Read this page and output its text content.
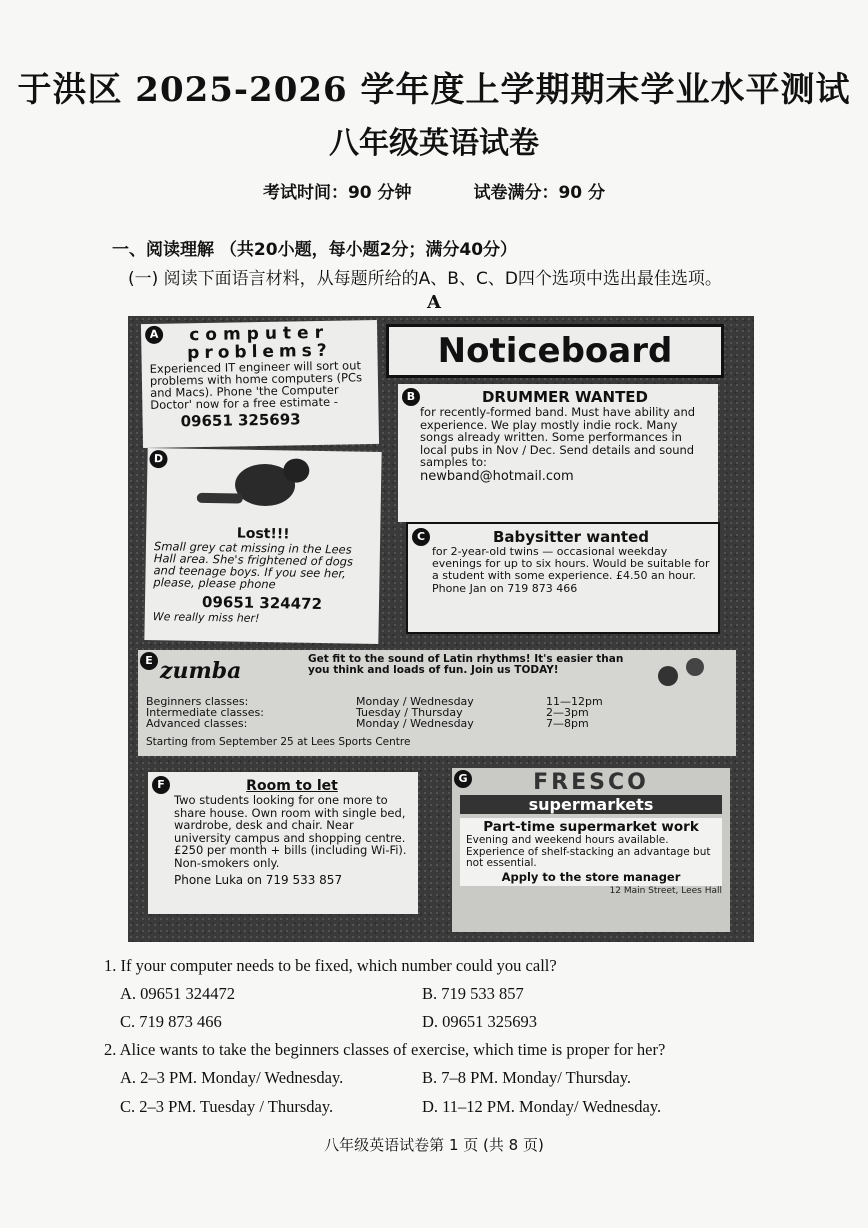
于洪区 2025-2026 学年度上学期期末学业水平测试
八年级英语试卷
考试时间：90 分钟	试卷满分：90 分
一、阅读理解 （共20小题，每小题2分；满分40分）
(一) 阅读下面语言材料，从每题所给的A、B、C、D四个选项中选出最佳选项。
A
A	computer
problems?
Experienced IT engineer will sort out problems with home computers (PCs and Macs). Phone 'the Computer Doctor' now for a free estimate -
09651 325693
Noticeboard
B	DRUMMER WANTED
for recently-formed band. Must have ability and experience. We play mostly indie rock. Many songs already written. Some performances in local pubs in Nov / Dec. Send details and sound samples to:
newband@hotmail.com
D
Lost!!!
Small grey cat missing in the Lees Hall area. She's frightened of dogs and teenage boys. If you see her, please, please phone
09651 324472
We really miss her!
C	Babysitter wanted
for 2-year-old twins — occasional weekday evenings for up to six hours. Would be suitable for a student with some experience. £4.50 an hour.
Phone Jan on 719 873 466
E zumba	Get fit to the sound of Latin rhythms! It's easier than you think and loads of fun. Join us TODAY!
Beginners classes:	Monday / Wednesday	11—12pm
Intermediate classes:	Tuesday / Thursday	2—3pm
Advanced classes:	Monday / Wednesday	7—8pm
Starting from September 25 at Lees Sports Centre
F	Room to let
Two students looking for one more to share house. Own room with single bed, wardrobe, desk and chair. Near university campus and shopping centre. £250 per month + bills (including Wi-Fi). Non-smokers only.
Phone Luka on 719 533 857
G	FRESCO
supermarkets
Part-time supermarket work
Evening and weekend hours available. Experience of shelf-stacking an advantage but not essential.
Apply to the store manager
12 Main Street, Lees Hall
1. If your computer needs to be fixed, which number could you call?
A. 09651 324472	B. 719 533 857
C. 719 873 466	D. 09651 325693
2. Alice wants to take the beginners classes of exercise, which time is proper for her?
A. 2–3 PM. Monday/ Wednesday.	B. 7–8 PM. Monday/ Thursday.
C. 2–3 PM. Tuesday / Thursday.	D. 11–12 PM. Monday/ Wednesday.
八年级英语试卷第 1 页 (共 8 页)
